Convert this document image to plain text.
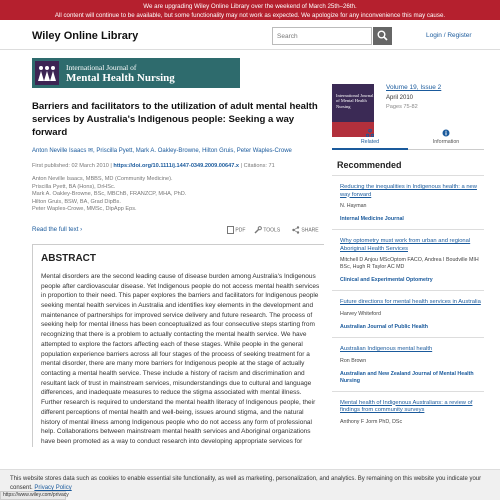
We are upgrading Wiley Online Library over the weekend of March 25th–26th.
All content will continue to be available, but some functionality may not work as expected. We apologize for any inconvenience this may cause.
Wiley Online Library	Search	Login / Register
International Journal of
Mental Health Nursing
Barriers and facilitators to the utilization of adult mental health services by Australia's Indigenous people: Seeking a way forward
Anton Neville Isaacs ✉, Priscilla Pyett, Mark A. Oakley‐Browne, Hilton Gruis, Peter Waples‐Crowe
First published: 02 March 2010 | https://doi.org/10.1111/j.1447-0349.2009.00647.x | Citations: 71
Anton Neville Isaacs, MBBS, MD (Community Medicine).
Priscilla Pyett, BA (Hons), DrHSc.
Mark A. Oakley‐Browne, BSc, MBChB, FRANZCP, MHA, PhD.
Hilton Gruis, BSW, BA, Grad DipBs.
Peter Waples‐Crowe, MMSc, DipApp Eps.
Read the full text ›	PDF	TOOLS	SHARE
ABSTRACT

Mental disorders are the second leading cause of disease burden among Australia's Indigenous people after cardiovascular disease. Yet Indigenous people do not access mental health services in proportion to their need. This paper explores the barriers and facilitators for Indigenous people seeking mental health services in Australia and identifies key elements in the development and maintenance of partnerships for improved service delivery and future research. The process of seeking help for mental illness has been conceptualized as four consecutive steps starting from recognizing that there is a problem to actually contacting the mental health service. We have attempted to explore the factors affecting each of these stages. While people in the general population experience barriers across all four stages of the process of seeking treatment for a mental disorder, there are many more barriers for Indigenous people at the stage of actually contacting a mental health service. These include a history of racism and discrimination and resultant lack of trust in mainstream services, misunderstandings due to cultural and language differences, and inadequate measures to reduce the stigma associated with mental illness. Further research is required to understand the mental health literacy of Indigenous people, their different perceptions of mental health and well‐being, issues around stigma, and the natural history of mental illness among Indigenous people who do not access any form of professional help. Collaborations between mainstream mental health services and Aboriginal organizations have been promoted as a way to conduct research into developing appropriate services for

International Journal of Mental Health Nursing
Volume 19, Issue 2
April 2010
Pages 75-82
Related	Information
Recommended
Reducing the inequalities in Indigenous health: a new way forward
N. Hayman
Internal Medicine Journal
Why optometry must work from urban and regional Aboriginal Health Services
Mitchell D Anjou MScOptom FACO, Andrea I Boudville MIH BSc, Hugh R Taylor AC MD
Clinical and Experimental Optometry
Future directions for mental health services in Australia
Harvey Whiteford
Australian Journal of Public Health
Australian Indigenous mental health
Ron Brown
Australian and New Zealand Journal of Mental Health Nursing
Mental health of Indigenous Australians: a review of findings from community surveys
Anthony F Jorm PhD, DSc
This website stores data such as cookies to enable essential site functionality, as well as marketing, personalization, and analytics. By remaining on this website you indicate your consent. Privacy Policy
https://www.wiley.com/privacy
